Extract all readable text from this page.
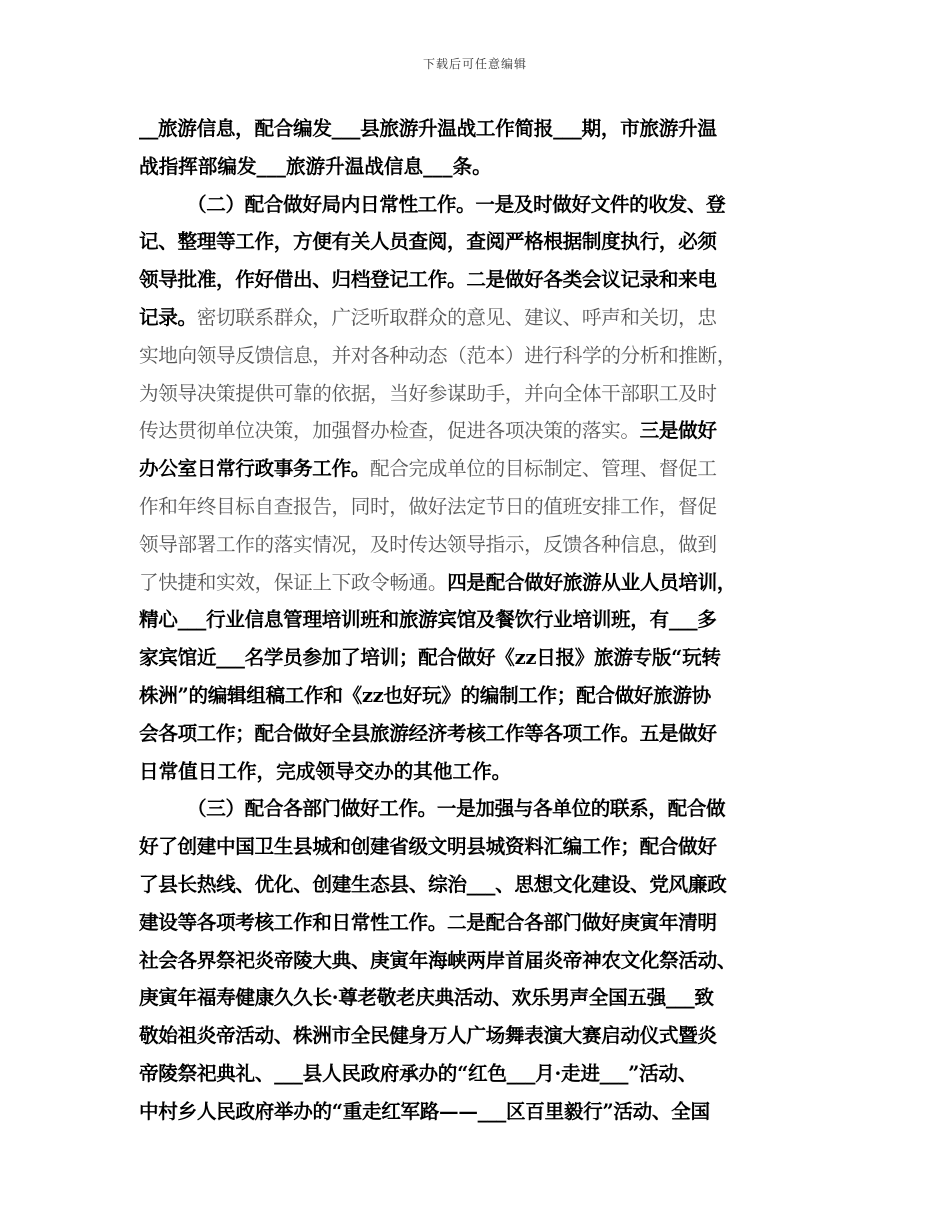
下载后可任意编辑
__旅游信息，配合编发___县旅游升温战工作简报___期，市旅游升温
战指挥部编发___旅游升温战信息___条。
（二）配合做好局内日常性工作。一是及时做好文件的收发、登
记、整理等工作，方便有关人员查阅，查阅严格根据制度执行，必须
领导批准，作好借出、归档登记工作。二是做好各类会议记录和来电
记录。密切联系群众，广泛听取群众的意见、建议、呼声和关切，忠
实地向领导反馈信息，并对各种动态（范本）进行科学的分析和推断，
为领导决策提供可靠的依据，当好参谋助手，并向全体干部职工及时
传达贯彻单位决策，加强督办检查，促进各项决策的落实。三是做好
办公室日常行政事务工作。配合完成单位的目标制定、管理、督促工
作和年终目标自查报告，同时，做好法定节日的值班安排工作，督促
领导部署工作的落实情况，及时传达领导指示，反馈各种信息，做到
了快捷和实效，保证上下政令畅通。四是配合做好旅游从业人员培训，
精心___行业信息管理培训班和旅游宾馆及餐饮行业培训班，有___多
家宾馆近___名学员参加了培训；配合做好《zz日报》旅游专版“玩转
株洲”的编辑组稿工作和《zz也好玩》的编制工作；配合做好旅游协
会各项工作；配合做好全县旅游经济考核工作等各项工作。五是做好
日常值日工作，完成领导交办的其他工作。
（三）配合各部门做好工作。一是加强与各单位的联系，配合做
好了创建中国卫生县城和创建省级文明县城资料汇编工作；配合做好
了县长热线、优化、创建生态县、综治___、思想文化建设、党风廉政
建设等各项考核工作和日常性工作。二是配合各部门做好庚寅年清明
社会各界祭祀炎帝陵大典、庚寅年海峡两岸首届炎帝神农文化祭活动、
庚寅年福寿健康久久长·尊老敬老庆典活动、欢乐男声全国五强___致
敬始祖炎帝活动、株洲市全民健身万人广场舞表演大赛启动仪式暨炎
帝陵祭祀典礼、___县人民政府承办的“红色___月·走进___”活动、
中村乡人民政府举办的“重走红军路——___区百里毅行”活动、全国
